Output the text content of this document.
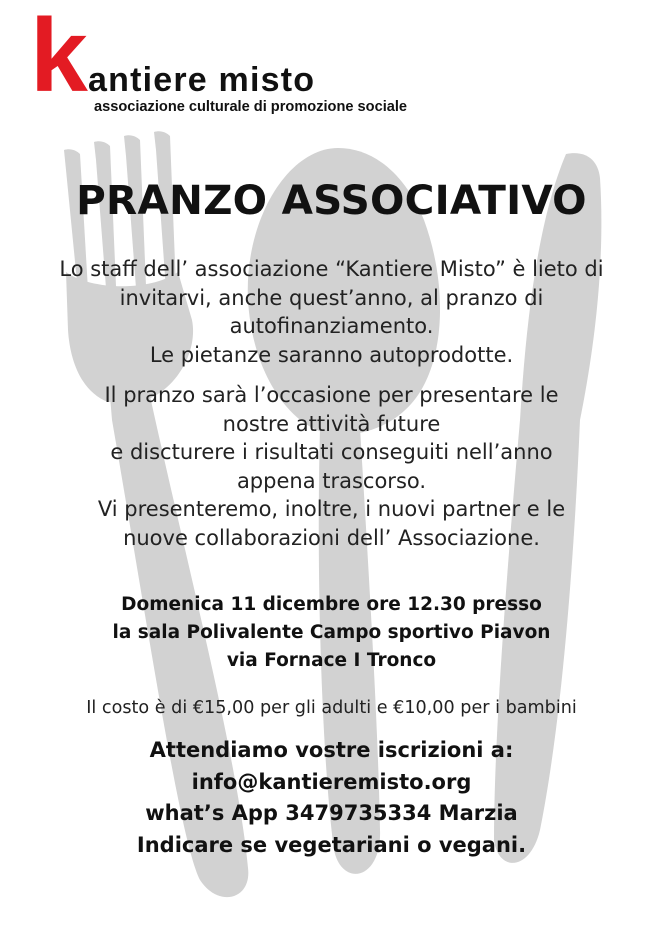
k antiere misto
associazione culturale di promozione sociale
PRANZO ASSOCIATIVO
Lo staff dell’ associazione “Kantiere Misto” è lieto di
invitarvi, anche quest’anno, al pranzo di
autofinanziamento.
Le pietanze saranno autoprodotte.
Il pranzo sarà l’occasione per presentare le
nostre attività future
e discturere i risultati conseguiti nell’anno
appena trascorso.
Vi presenteremo, inoltre, i nuovi partner e le
nuove collaborazioni dell’ Associazione.
Domenica 11 dicembre ore 12.30 presso
la sala Polivalente Campo sportivo Piavon
via Fornace I Tronco
Il costo è di €15,00 per gli adulti e €10,00 per i bambini
Attendiamo vostre iscrizioni a:
info@kantieremisto.org
what’s App 3479735334 Marzia
Indicare se vegetariani o vegani.
